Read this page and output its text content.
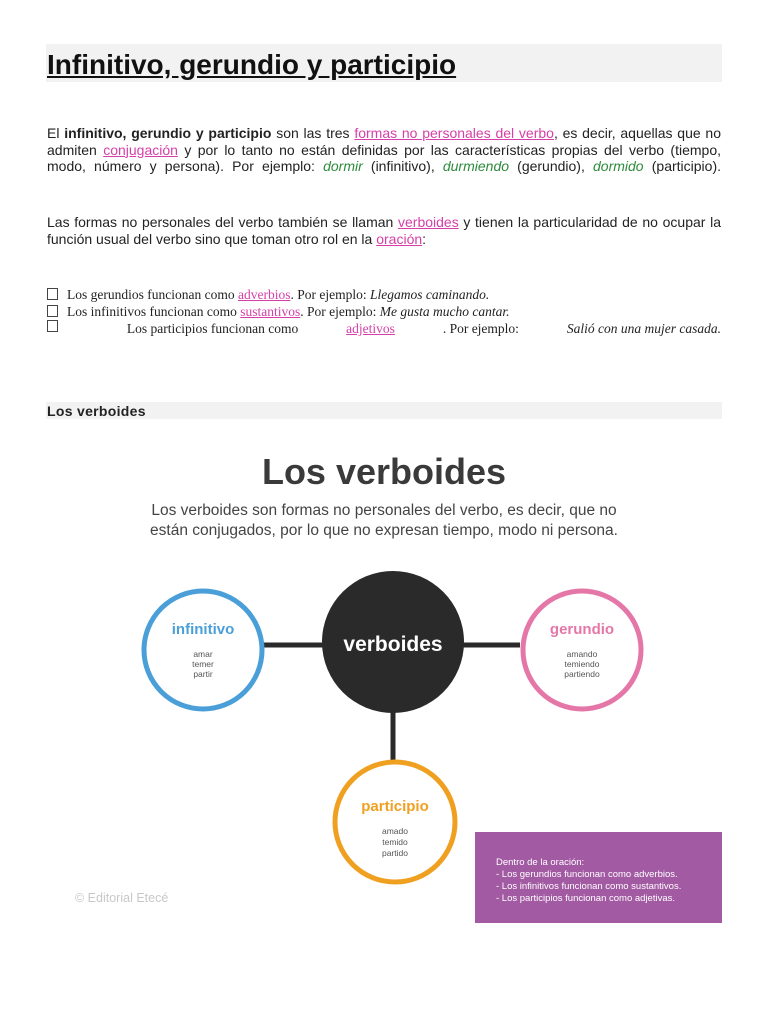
Infinitivo, gerundio y participio

El infinitivo, gerundio y participio son las tres formas no personales del verbo, es decir, aquellas que no admiten conjugación y por lo tanto no están definidas por las características propias del verbo (tiempo, modo, número y persona). Por ejemplo: dormir (infinitivo), durmiendo (gerundio), dormido (participio).

Las formas no personales del verbo también se llaman verboides y tienen la particularidad de no ocupar la función usual del verbo sino que toman otro rol en la oración:

Los gerundios funcionan como adverbios. Por ejemplo: Llegamos caminando.

Los infinitivos funcionan como sustantivos. Por ejemplo: Me gusta mucho cantar.

Los participios funcionan como	adjetivos	. Por ejemplo:	Salió con una mujer casada.

Los verboides
Los verboides
Los verboides son formas no personales del verbo, es decir, que no
están conjugados, por lo que no expresan tiempo, modo ni persona.
verboides
infinitivo
amar
temer
partir
gerundio
amando
temiendo
partiendo
participio
amado
temido
partido
© Editorial Etecé
Dentro de la oración:
- Los gerundios funcionan como adverbios.
- Los infinitivos funcionan como sustantivos.
- Los participios funcionan como adjetivas.
